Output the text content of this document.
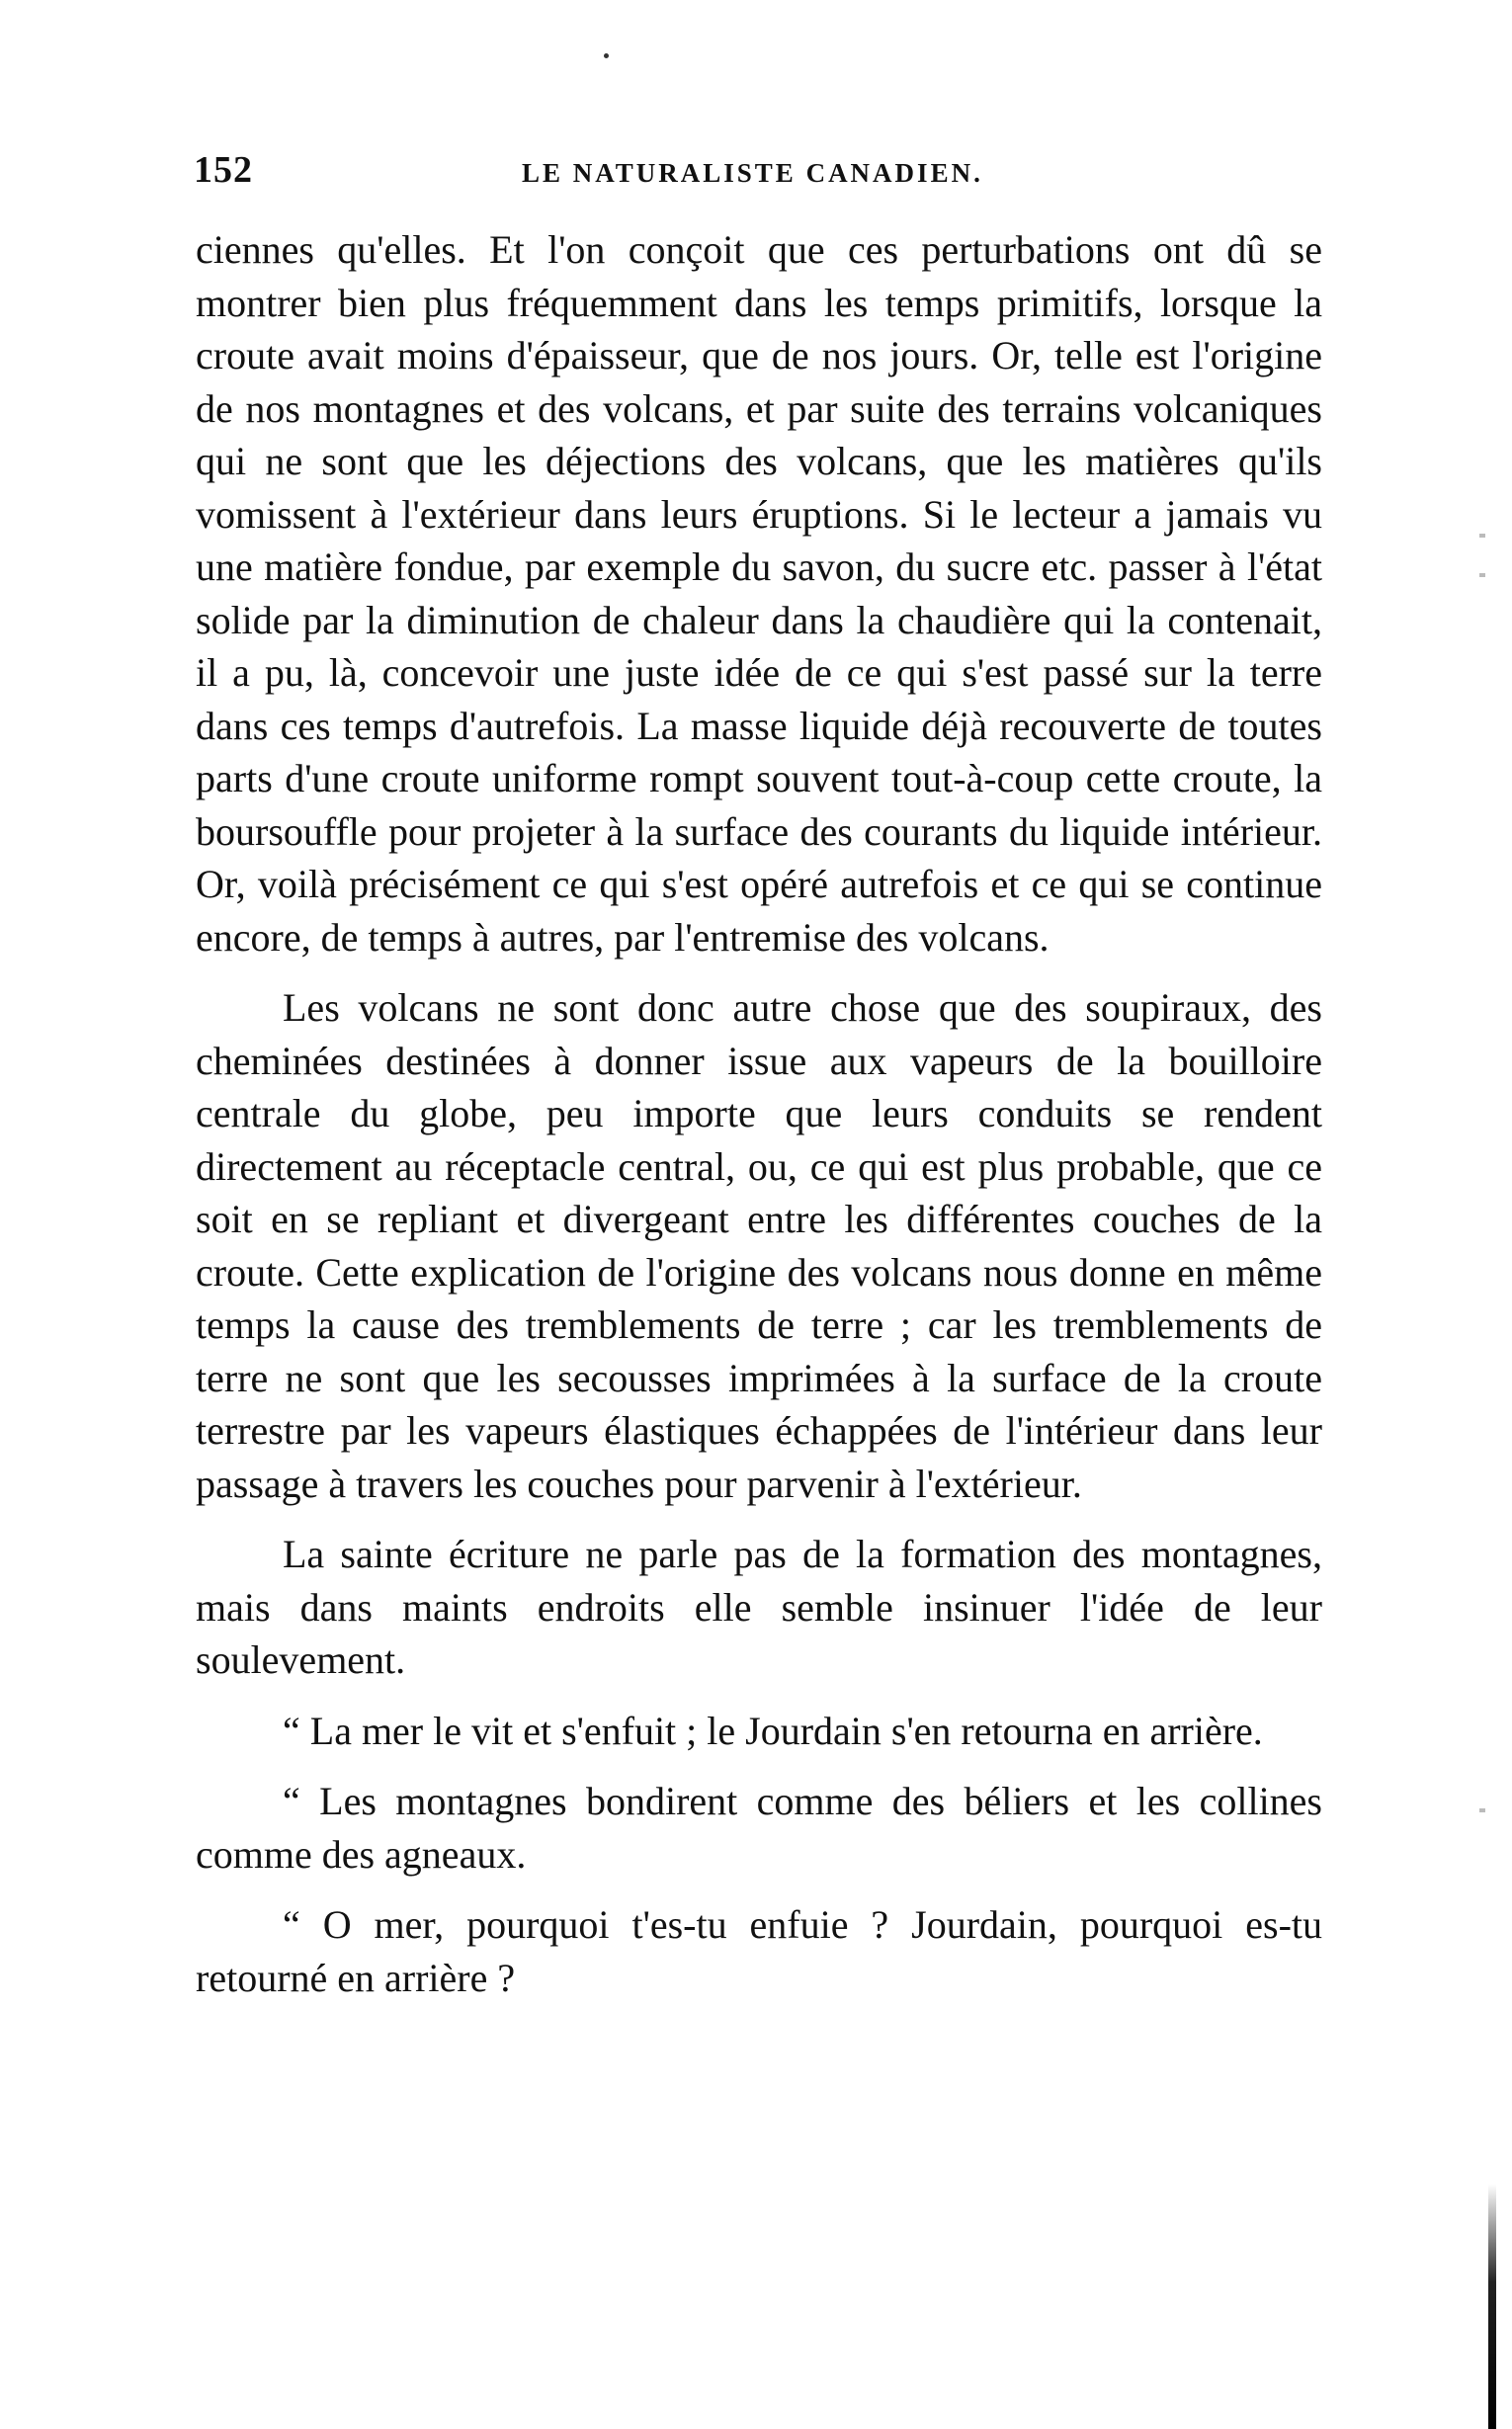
152	LE NATURALISTE CANADIEN.

ciennes qu'elles. Et l'on conçoit que ces perturbations ont dû se montrer bien plus fréquemment dans les temps primitifs, lorsque la croute avait moins d'épaisseur, que de nos jours. Or, telle est l'origine de nos montagnes et des volcans, et par suite des terrains volcaniques qui ne sont que les déjections des volcans, que les matières qu'ils vomissent à l'extérieur dans leurs éruptions. Si le lecteur a jamais vu une matière fondue, par exemple du savon, du sucre etc. passer à l'état solide par la diminution de chaleur dans la chaudière qui la contenait, il a pu, là, concevoir une juste idée de ce qui s'est passé sur la terre dans ces temps d'autrefois. La masse liquide déjà recouverte de toutes parts d'une croute uniforme rompt souvent tout-à-coup cette croute, la boursouffle pour projeter à la surface des courants du liquide intérieur. Or, voilà précisément ce qui s'est opéré autrefois et ce qui se continue encore, de temps à autres, par l'entremise des volcans.

Les volcans ne sont donc autre chose que des soupiraux, des cheminées destinées à donner issue aux vapeurs de la bouilloire centrale du globe, peu importe que leurs conduits se rendent directement au réceptacle central, ou, ce qui est plus probable, que ce soit en se repliant et divergeant entre les différentes couches de la croute. Cette explication de l'origine des volcans nous donne en même temps la cause des tremblements de terre ; car les tremblements de terre ne sont que les secousses imprimées à la surface de la croute terrestre par les vapeurs élastiques échappées de l'intérieur dans leur passage à travers les couches pour parvenir à l'extérieur.

La sainte écriture ne parle pas de la formation des montagnes, mais dans maints endroits elle semble insinuer l'idée de leur soulevement.

“ La mer le vit et s'enfuit ; le Jourdain s'en retourna en arrière.

“ Les montagnes bondirent comme des béliers et les collines comme des agneaux.

“ O mer, pourquoi t'es-tu enfuie ? Jourdain, pourquoi es-tu retourné en arrière ?
